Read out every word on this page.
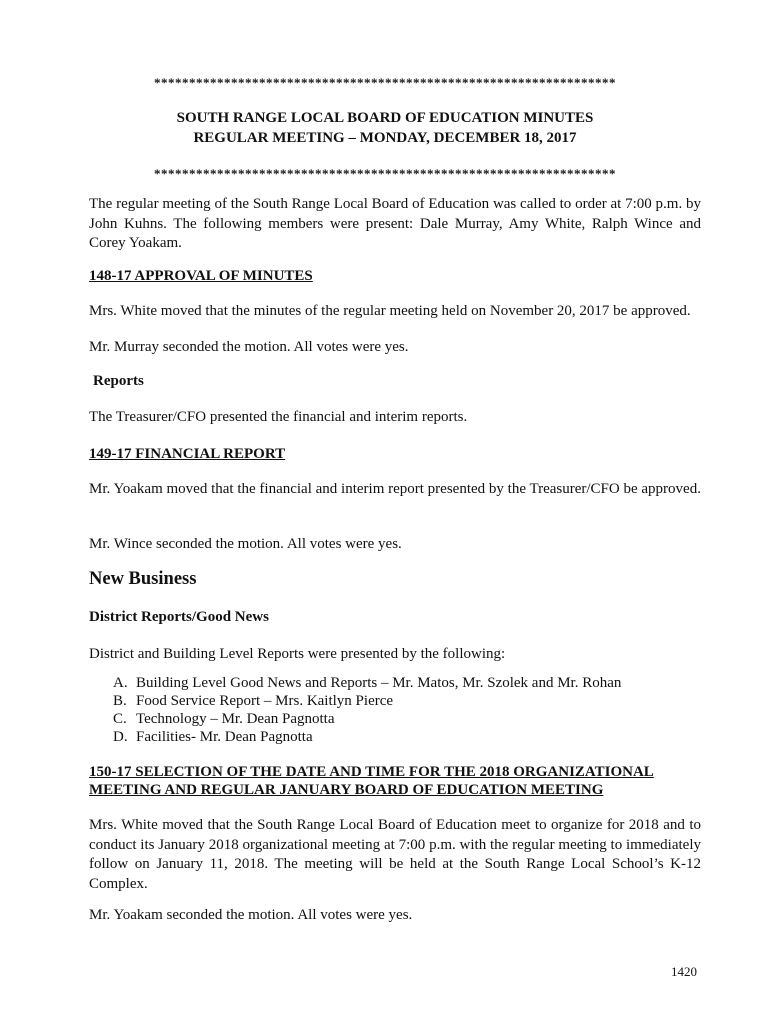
******************************************************************
SOUTH RANGE LOCAL BOARD OF EDUCATION MINUTES
REGULAR MEETING – MONDAY, DECEMBER 18, 2017
******************************************************************
The regular meeting of the South Range Local Board of Education was called to order at 7:00 p.m. by John Kuhns. The following members were present: Dale Murray, Amy White, Ralph Wince and Corey Yoakam.
148-17 APPROVAL OF MINUTES
Mrs. White moved that the minutes of the regular meeting held on November 20, 2017 be approved.
Mr. Murray seconded the motion. All votes were yes.
Reports
The Treasurer/CFO presented the financial and interim reports.
149-17 FINANCIAL REPORT
Mr. Yoakam moved that the financial and interim report presented by the Treasurer/CFO be approved.
Mr. Wince seconded the motion. All votes were yes.
New Business
District Reports/Good News
District and Building Level Reports were presented by the following:
A. Building Level Good News and Reports – Mr. Matos, Mr. Szolek and Mr. Rohan
B. Food Service Report – Mrs. Kaitlyn Pierce
C. Technology – Mr. Dean Pagnotta
D. Facilities- Mr. Dean Pagnotta
150-17 SELECTION OF THE DATE AND TIME FOR THE 2018 ORGANIZATIONAL
MEETING AND REGULAR JANUARY BOARD OF EDUCATION MEETING
Mrs. White moved that the South Range Local Board of Education meet to organize for 2018 and to conduct its January 2018 organizational meeting at 7:00 p.m. with the regular meeting to immediately follow on January 11, 2018. The meeting will be held at the South Range Local School’s K-12 Complex.
Mr. Yoakam seconded the motion. All votes were yes.
1420
